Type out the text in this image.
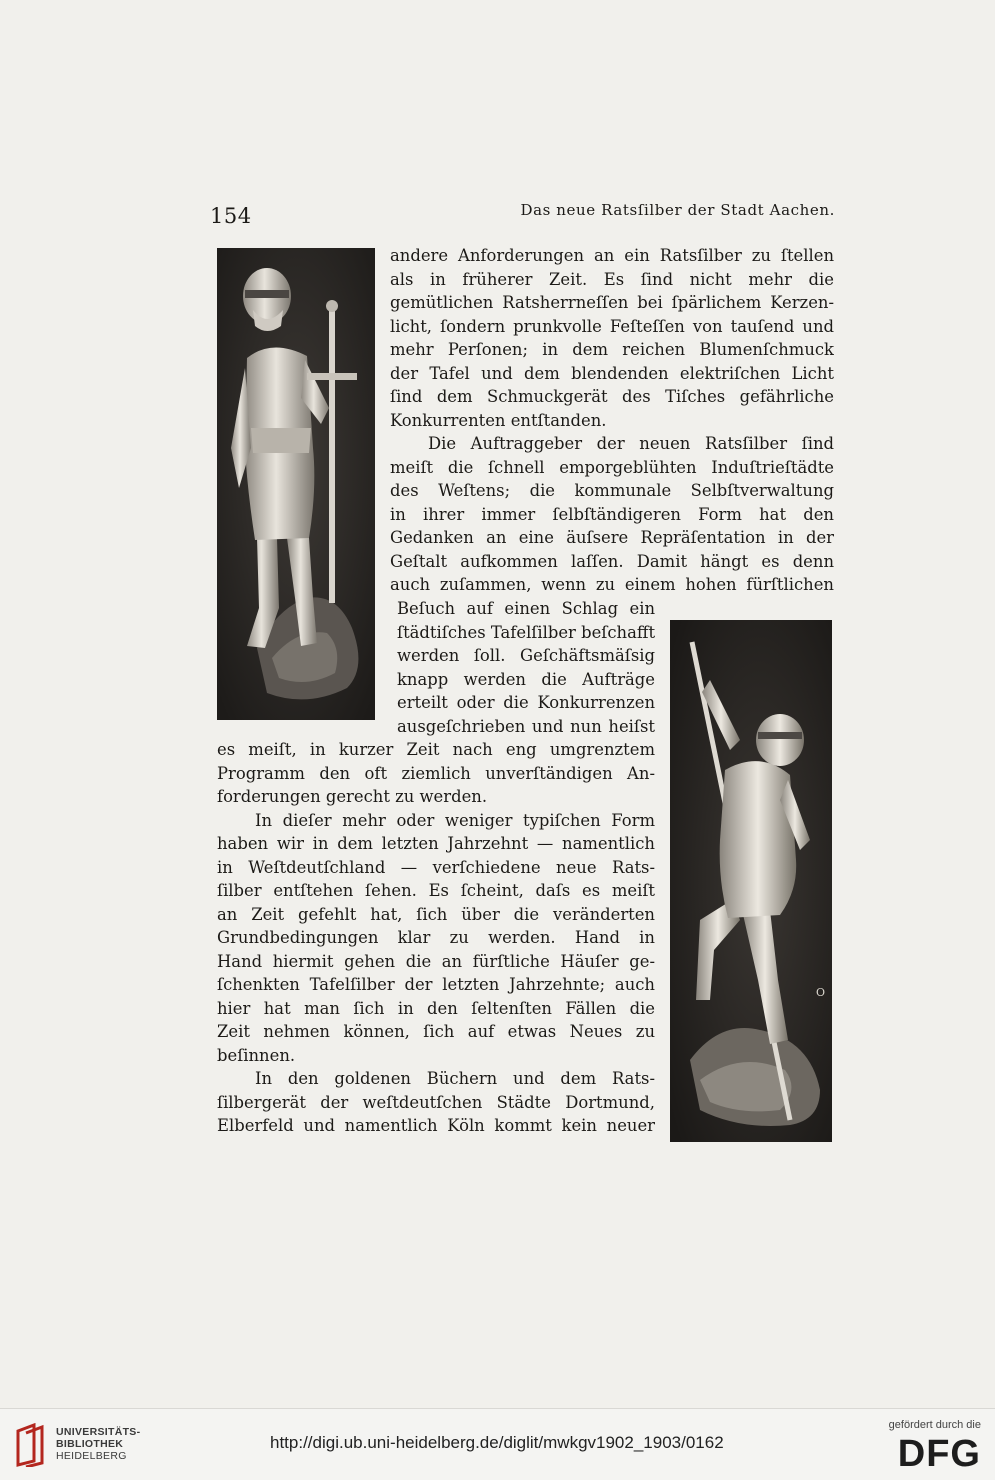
154	Das neue Ratsſilber der Stadt Aachen.
O
andere Anforderungen an ein Ratsſilber zu ſtellen
als in früherer Zeit. Es ſind nicht mehr die
gemütlichen Ratsherrneſſen bei ſpärlichem Kerzen-
licht, ſondern prunkvolle Feſteſſen von tauſend und
mehr Perſonen; in dem reichen Blumenſchmuck
der Tafel und dem blendenden elektriſchen Licht
ſind dem Schmuckgerät des Tiſches gefährliche
Konkurrenten entſtanden.
Die Auftraggeber der neuen Ratsſilber ſind
meiſt die ſchnell emporgeblühten Induſtrieſtädte
des Weſtens; die kommunale Selbſtverwaltung
in ihrer immer ſelbſtändigeren Form hat den
Gedanken an eine äuſsere Repräſentation in der
Geſtalt aufkommen laſſen. Damit hängt es denn
auch zuſammen, wenn zu einem hohen fürſtlichen
Beſuch auf einen Schlag ein
ſtädtiſches Tafelſilber beſchafft
werden ſoll. Geſchäftsmäſsig
knapp werden die Aufträge
erteilt oder die Konkurrenzen
ausgeſchrieben und nun heiſst
es meiſt, in kurzer Zeit nach eng umgrenztem
Programm den oft ziemlich unverſtändigen An-
forderungen gerecht zu werden.
In dieſer mehr oder weniger typiſchen Form
haben wir in dem letzten Jahrzehnt — namentlich
in Weſtdeutſchland — verſchiedene neue Rats-
ſilber entſtehen ſehen. Es ſcheint, daſs es meiſt
an Zeit gefehlt hat, ſich über die veränderten
Grundbedingungen klar zu werden. Hand in
Hand hiermit gehen die an fürſtliche Häuſer ge-
ſchenkten Tafelſilber der letzten Jahrzehnte; auch
hier hat man ſich in den ſeltenſten Fällen die
Zeit nehmen können, ſich auf etwas Neues zu
beſinnen.
In den goldenen Büchern und dem Rats-
ſilbergerät der weſtdeutſchen Städte Dortmund,
Elberfeld und namentlich Köln kommt kein neuer
UNIVERSITÄTS-
BIBLIOTHEK
HEIDELBERG
http://digi.ub.uni-heidelberg.de/diglit/mwkgv1902_1903/0162
gefördert durch die
DFG
